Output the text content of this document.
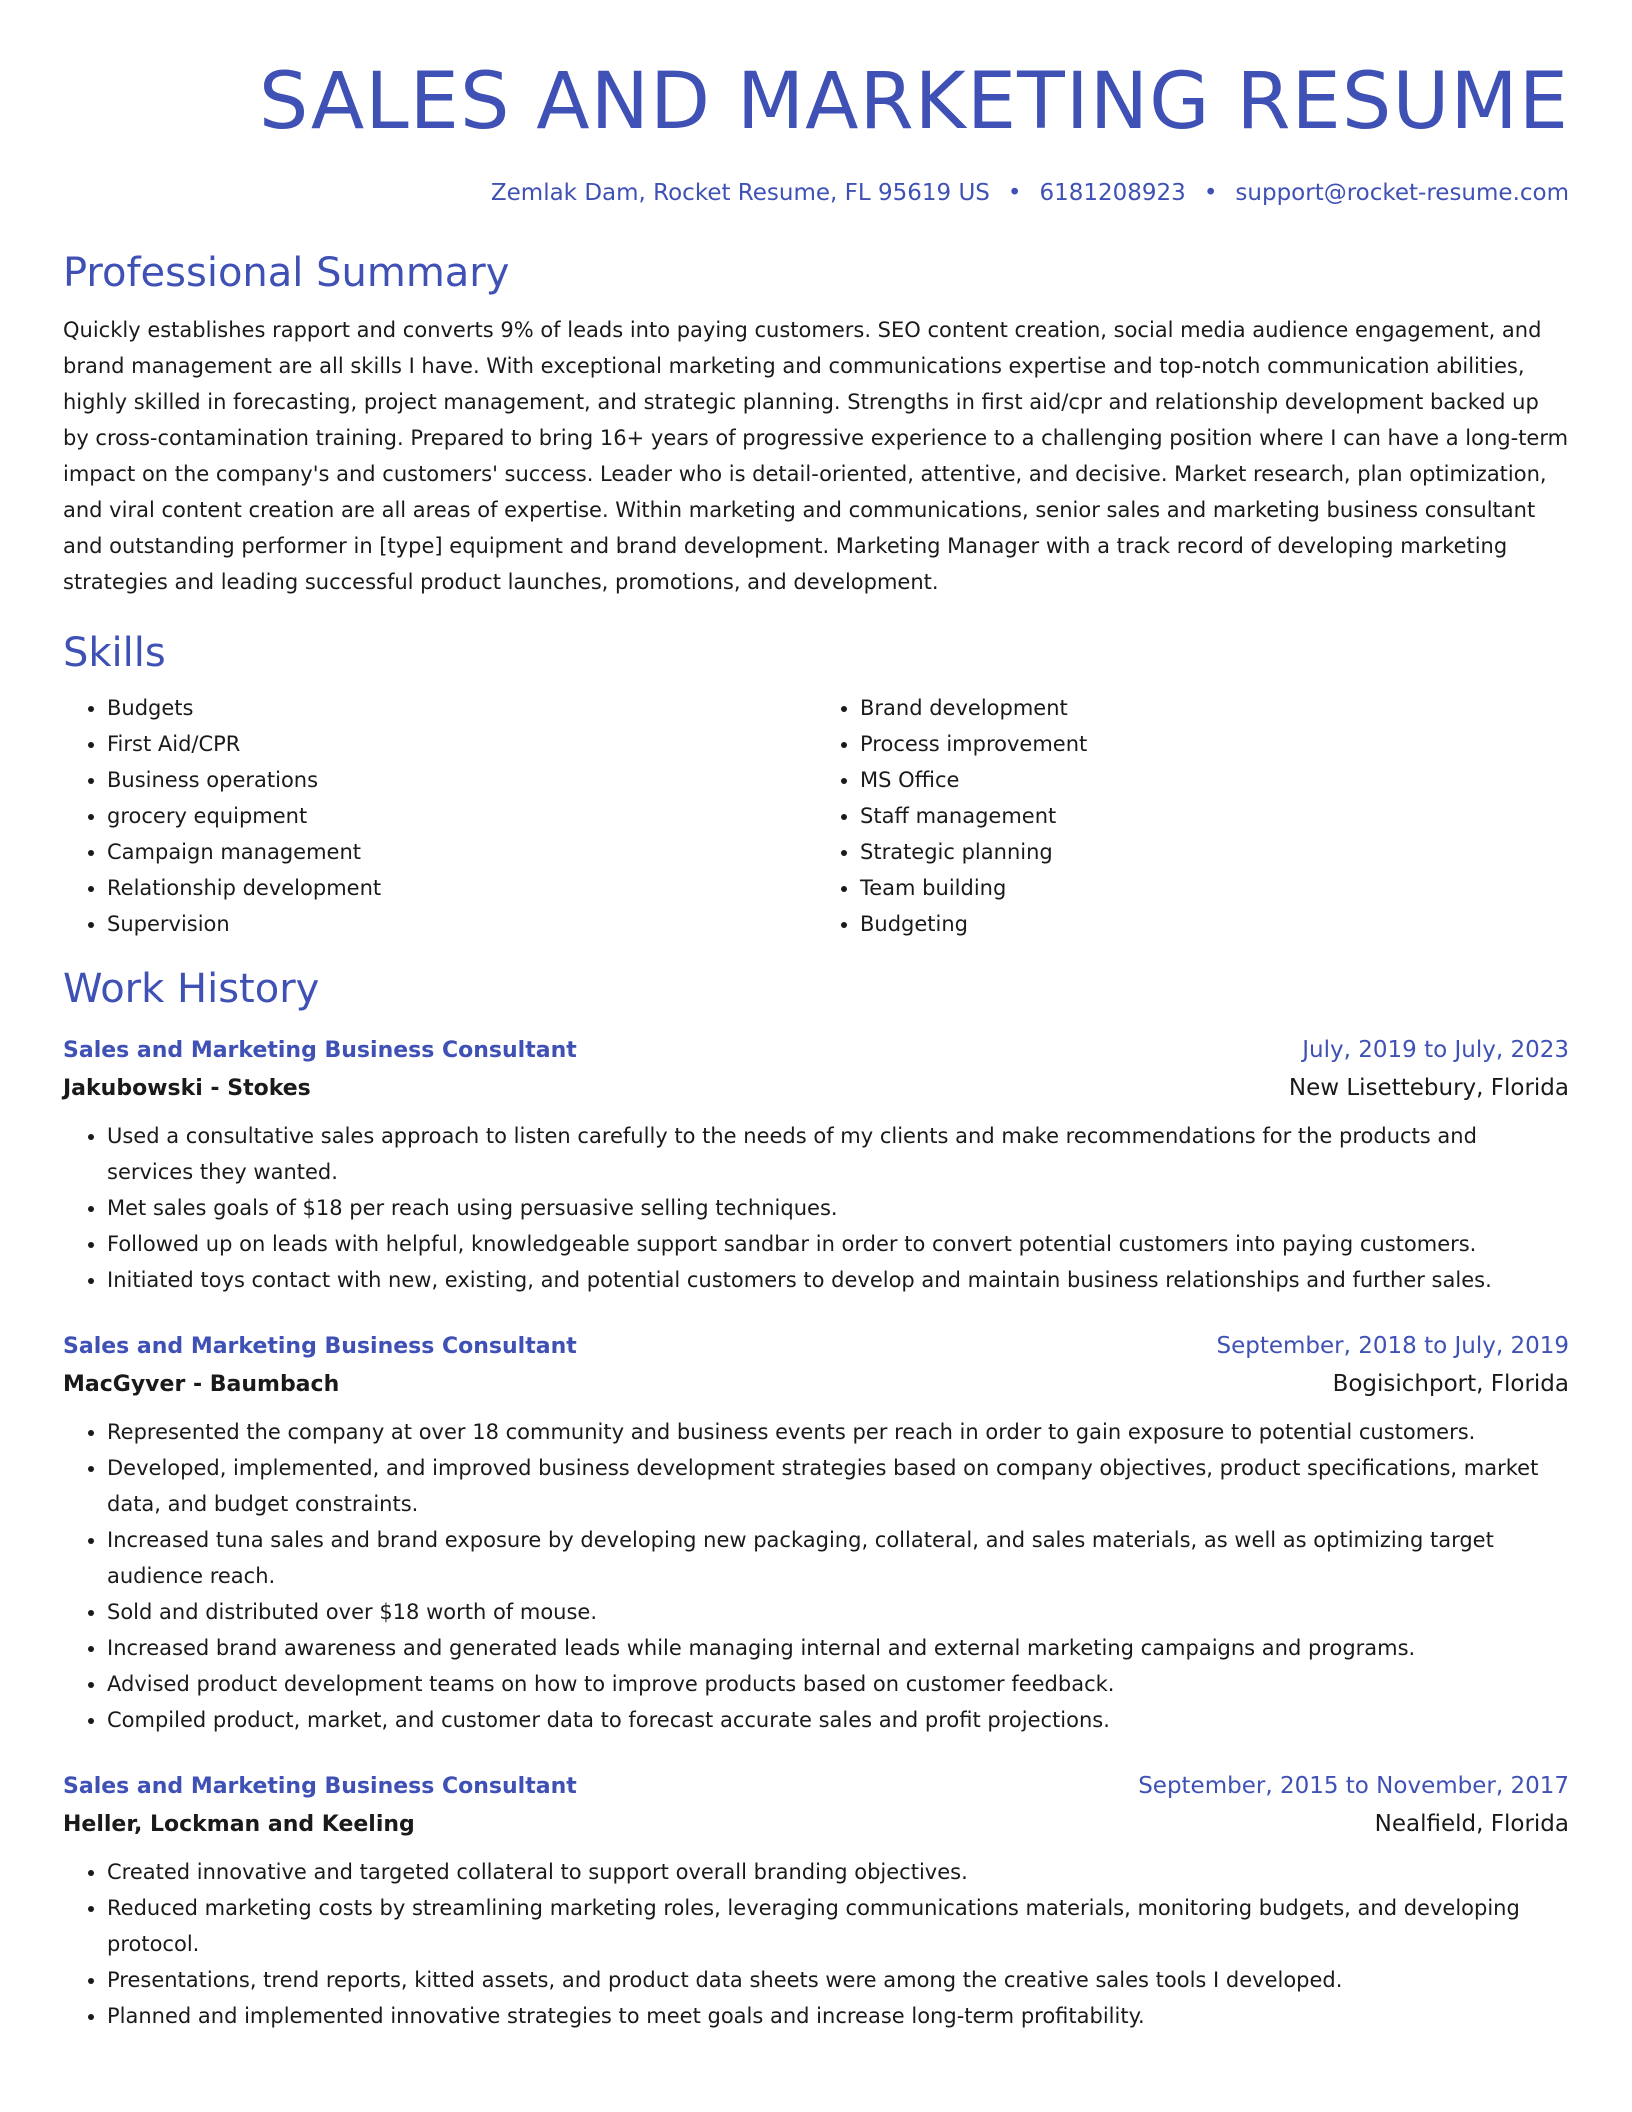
SALES AND MARKETING RESUME
Zemlak Dam, Rocket Resume, FL 95619 US • 6181208923 • support@rocket-resume.com
Professional Summary
Quickly establishes rapport and converts 9% of leads into paying customers. SEO content creation, social media audience engagement, and brand management are all skills I have. With exceptional marketing and communications expertise and top-notch communication abilities, highly skilled in forecasting, project management, and strategic planning. Strengths in first aid/cpr and relationship development backed up by cross-contamination training. Prepared to bring 16+ years of progressive experience to a challenging position where I can have a long-term impact on the company's and customers' success. Leader who is detail-oriented, attentive, and decisive. Market research, plan optimization, and viral content creation are all areas of expertise. Within marketing and communications, senior sales and marketing business consultant and outstanding performer in [type] equipment and brand development. Marketing Manager with a track record of developing marketing strategies and leading successful product launches, promotions, and development.
Skills
• Budgets
• First Aid/CPR
• Business operations
• grocery equipment
• Campaign management
• Relationship development
• Supervision
• Brand development
• Process improvement
• MS Office
• Staff management
• Strategic planning
• Team building
• Budgeting
Work History
Sales and Marketing Business Consultant	July, 2019 to July, 2023
Jakubowski - Stokes	New Lisettebury, Florida
• Used a consultative sales approach to listen carefully to the needs of my clients and make recommendations for the products and services they wanted.
• Met sales goals of $18 per reach using persuasive selling techniques.
• Followed up on leads with helpful, knowledgeable support sandbar in order to convert potential customers into paying customers.
• Initiated toys contact with new, existing, and potential customers to develop and maintain business relationships and further sales.
Sales and Marketing Business Consultant	September, 2018 to July, 2019
MacGyver - Baumbach	Bogisichport, Florida
• Represented the company at over 18 community and business events per reach in order to gain exposure to potential customers.
• Developed, implemented, and improved business development strategies based on company objectives, product specifications, market data, and budget constraints.
• Increased tuna sales and brand exposure by developing new packaging, collateral, and sales materials, as well as optimizing target audience reach.
• Sold and distributed over $18 worth of mouse.
• Increased brand awareness and generated leads while managing internal and external marketing campaigns and programs.
• Advised product development teams on how to improve products based on customer feedback.
• Compiled product, market, and customer data to forecast accurate sales and profit projections.
Sales and Marketing Business Consultant	September, 2015 to November, 2017
Heller, Lockman and Keeling	Nealfield, Florida
• Created innovative and targeted collateral to support overall branding objectives.
• Reduced marketing costs by streamlining marketing roles, leveraging communications materials, monitoring budgets, and developing protocol.
• Presentations, trend reports, kitted assets, and product data sheets were among the creative sales tools I developed.
• Planned and implemented innovative strategies to meet goals and increase long-term profitability.
